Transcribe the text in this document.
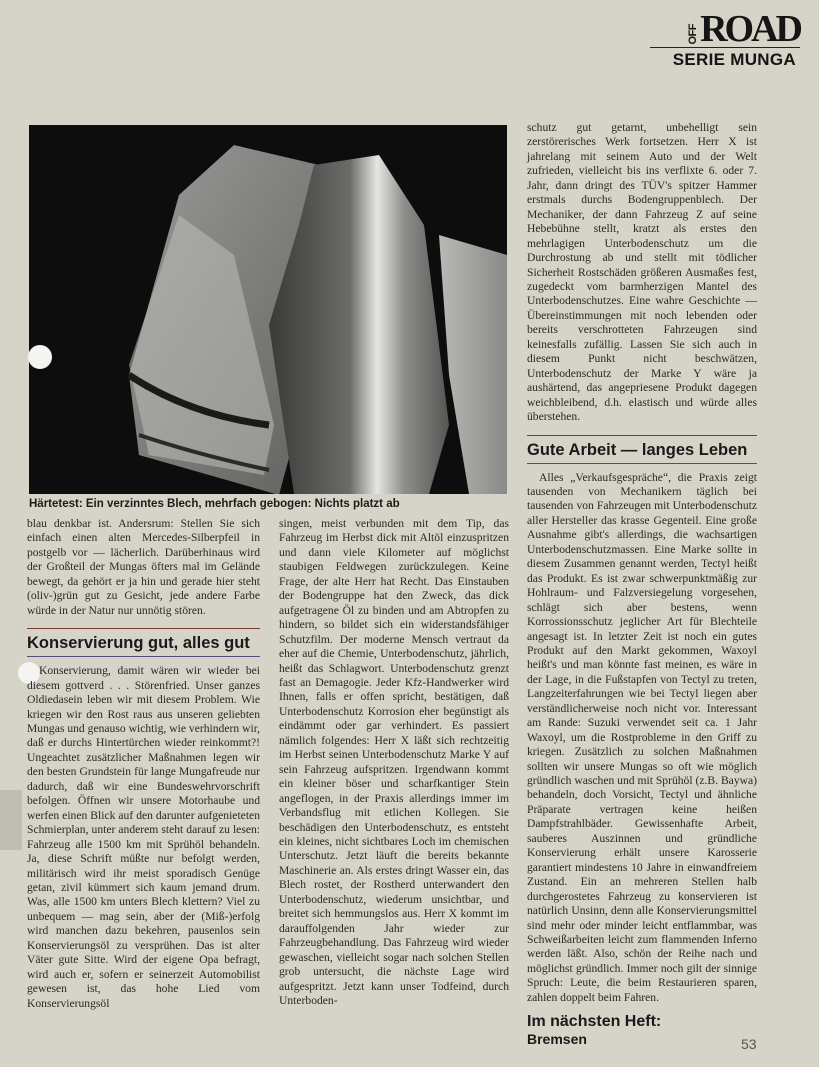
OFF ROAD
SERIE MUNGA
Härtetest: Ein verzinntes Blech, mehrfach gebogen: Nichts platzt ab

blau denkbar ist. Andersrum: Stellen Sie sich einfach einen alten Mercedes-Silberpfeil in postgelb vor — lächerlich. Darüberhinaus wird der Großteil der Mungas öfters mal im Gelände bewegt, da gehört er ja hin und gerade hier steht (oliv-)grün gut zu Gesicht, jede andere Farbe würde in der Natur nur unnötig stören.

Konservierung gut, alles gut

Konservierung, damit wären wir wieder bei diesem gottverd . . . Störenfried. Unser ganzes Oldiedasein leben wir mit diesem Problem. Wie kriegen wir den Rost raus aus unseren geliebten Mungas und genauso wichtig, wie verhindern wir, daß er durchs Hintertürchen wieder reinkommt?! Ungeachtet zusätzlicher Maßnahmen legen wir den besten Grundstein für lange Mungafreude nur dadurch, daß wir eine Bundeswehrvorschrift befolgen. Öffnen wir unsere Motorhaube und werfen einen Blick auf den darunter aufgenieteten Schmierplan, unter anderem steht darauf zu lesen: Fahrzeug alle 1500 km mit Sprühöl behandeln. Ja, diese Schrift müßte nur befolgt werden, militärisch wird ihr meist sporadisch Genüge getan, zivil kümmert sich kaum jemand drum. Was, alle 1500 km unters Blech klettern? Viel zu unbequem — mag sein, aber der (Miß-)erfolg wird manchen dazu bekehren, pausenlos sein Konservierungsöl zu versprühen. Das ist alter Väter gute Sitte. Wird der eigene Opa befragt, wird auch er, sofern er seinerzeit Automobilist gewesen ist, das hohe Lied vom Konservierungsöl

singen, meist verbunden mit dem Tip, das Fahrzeug im Herbst dick mit Altöl einzuspritzen und dann viele Kilometer auf möglichst staubigen Feldwegen zurückzulegen. Keine Frage, der alte Herr hat Recht. Das Einstauben der Bodengruppe hat den Zweck, das dick aufgetragene Öl zu binden und am Abtropfen zu hindern, so bildet sich ein widerstandsfähiger Schutzfilm. Der moderne Mensch vertraut da eher auf die Chemie, Unterbodenschutz, jährlich, heißt das Schlagwort. Unterbodenschutz grenzt fast an Demagogie. Jeder Kfz-Handwerker wird Ihnen, falls er offen spricht, bestätigen, daß Unterbodenschutz Korrosion eher begünstigt als eindämmt oder gar verhindert. Es passiert nämlich folgendes: Herr X läßt sich rechtzeitig im Herbst seinen Unterbodenschutz Marke Y auf sein Fahrzeug aufspritzen. Irgendwann kommt ein kleiner böser und scharfkantiger Stein angeflogen, in der Praxis allerdings immer im Verbandsflug mit etlichen Kollegen. Sie beschädigen den Unterbodenschutz, es entsteht ein kleines, nicht sichtbares Loch im chemischen Unterschutz. Jetzt läuft die bereits bekannte Maschinerie an. Als erstes dringt Wasser ein, das Blech rostet, der Rostherd unterwandert den Unterbodenschutz, wiederum unsichtbar, und breitet sich hemmungslos aus. Herr X kommt im darauffolgenden Jahr wieder zur Fahrzeugbehandlung. Das Fahrzeug wird wieder gewaschen, vielleicht sogar nach solchen Stellen grob untersucht, die nächste Lage wird aufgespritzt. Jetzt kann unser Todfeind, durch Unterboden-

schutz gut getarnt, unbehelligt sein zerstörerisches Werk fortsetzen. Herr X ist jahrelang mit seinem Auto und der Welt zufrieden, vielleicht bis ins verflixte 6. oder 7. Jahr, dann dringt des TÜV's spitzer Hammer erstmals durchs Bodengruppenblech. Der Mechaniker, der dann Fahrzeug Z auf seine Hebebühne stellt, kratzt als erstes den mehrlagigen Unterbodenschutz um die Durchrostung ab und stellt mit tödlicher Sicherheit Rostschäden größeren Ausmaßes fest, zugedeckt vom barmherzigen Mantel des Unterbodenschutzes. Eine wahre Geschichte — Übereinstimmungen mit noch lebenden oder bereits verschrotteten Fahrzeugen sind keinesfalls zufällig. Lassen Sie sich auch in diesem Punkt nicht beschwätzen, Unterbodenschutz der Marke Y wäre ja aushärtend, das angepriesene Produkt dagegen weichbleibend, d.h. elastisch und würde alles überstehen.

Gute Arbeit — langes Leben

Alles „Verkaufsgespräche“, die Praxis zeigt tausenden von Mechanikern täglich bei tausenden von Fahrzeugen mit Unterbodenschutz aller Hersteller das krasse Gegenteil. Eine große Ausnahme gibt's allerdings, die wachsartigen Unterbodenschutzmassen. Eine Marke sollte in diesem Zusammen genannt werden, Tectyl heißt das Produkt. Es ist zwar schwerpunktmäßig zur Hohlraum- und Falzversiegelung vorgesehen, schlägt sich aber bestens, wenn Korrossionsschutz jeglicher Art für Blechteile angesagt ist. In letzter Zeit ist noch ein gutes Produkt auf den Markt gekommen, Waxoyl heißt's und man könnte fast meinen, es wäre in der Lage, in die Fußstapfen von Tectyl zu treten, Langzeiterfahrungen wie bei Tectyl liegen aber verständlicherweise noch nicht vor. Interessant am Rande: Suzuki verwendet seit ca. 1 Jahr Waxoyl, um die Rostprobleme in den Griff zu kriegen. Zusätzlich zu solchen Maßnahmen sollten wir unsere Mungas so oft wie möglich gründlich waschen und mit Sprühöl (z.B. Baywa) behandeln, doch Vorsicht, Tectyl und ähnliche Präparate vertragen keine heißen Dampfstrahlbäder. Gewissenhafte Arbeit, sauberes Auszinnen und gründliche Konservierung erhält unsere Karosserie garantiert mindestens 10 Jahre in einwandfreiem Zustand. Ein an mehreren Stellen halb durchgerostetes Fahrzeug zu konservieren ist natürlich Unsinn, denn alle Konservierungsmittel sind mehr oder minder leicht entflammbar, was Schweißarbeiten leicht zum flammenden Inferno werden läßt. Also, schön der Reihe nach und möglichst gründlich. Immer noch gilt der sinnige Spruch: Leute, die beim Restaurieren sparen, zahlen doppelt beim Fahren.

Im nächsten Heft:
Bremsen	53
